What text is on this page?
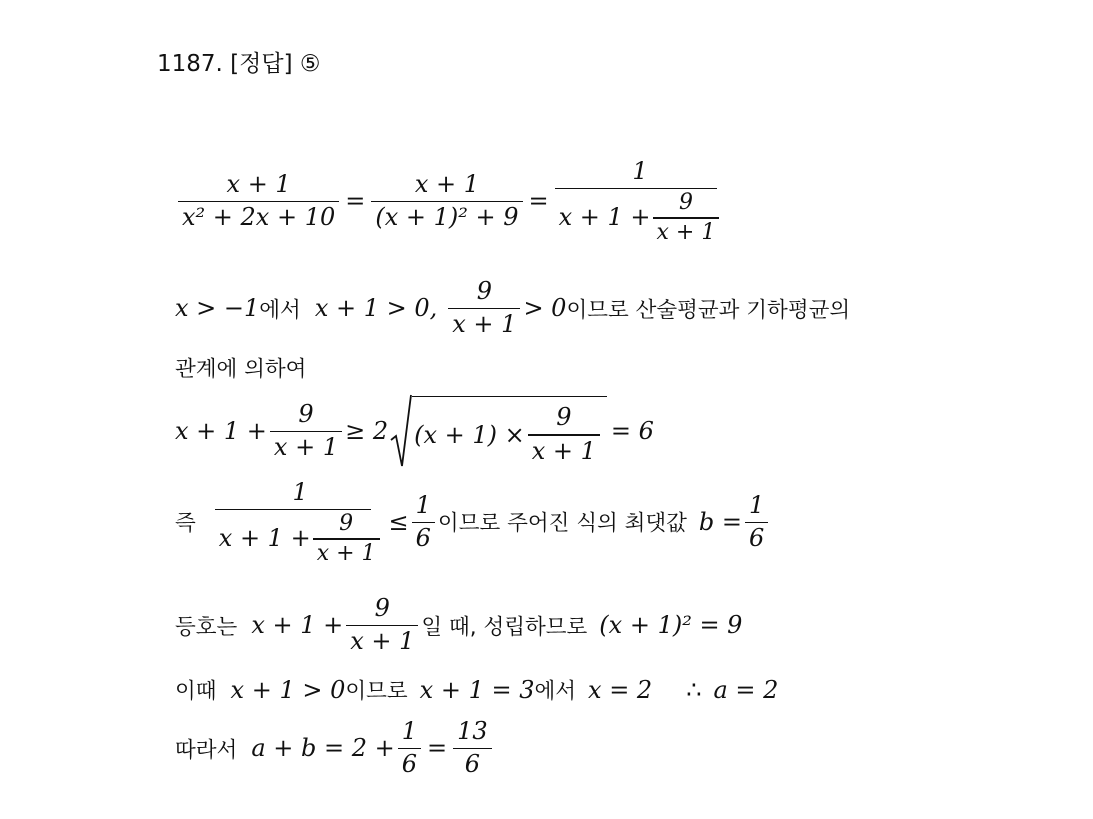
1187. [정답] ⑤
$\frac{x + 1}{\text{x² + 2x + 10}} = \frac{x + 1}{\text{(x + 1)² + 9}} = \frac{1}{x + 1 + \frac{9}{x + 1}}$
x > −1 에서 x + 1 > 0, $\frac{9}{x + 1} > 0$ 이므로 산술평균과 기하평균의
관계에 의하여
$x + 1 + \frac{9}{x + 1} \ge 2$ $(x + 1) \times \frac{9}{x + 1} = 6$
즉 $\frac{1}{x + 1 + \frac{9}{x + 1}} \le \frac{1}{6}$ 이므로 주어진 식의 최댓값 $b = \frac{1}{6}$
등호는 $x + 1 + \frac{9}{x + 1}$ 일 때, 성립하므로 (x + 1)² = 9
이때 x + 1 > 0 이므로 x + 1 = 3 에서 x = 2 ∴ a = 2
따라서 $a + b = 2 + \frac{1}{6} = \frac{13}{6}$
